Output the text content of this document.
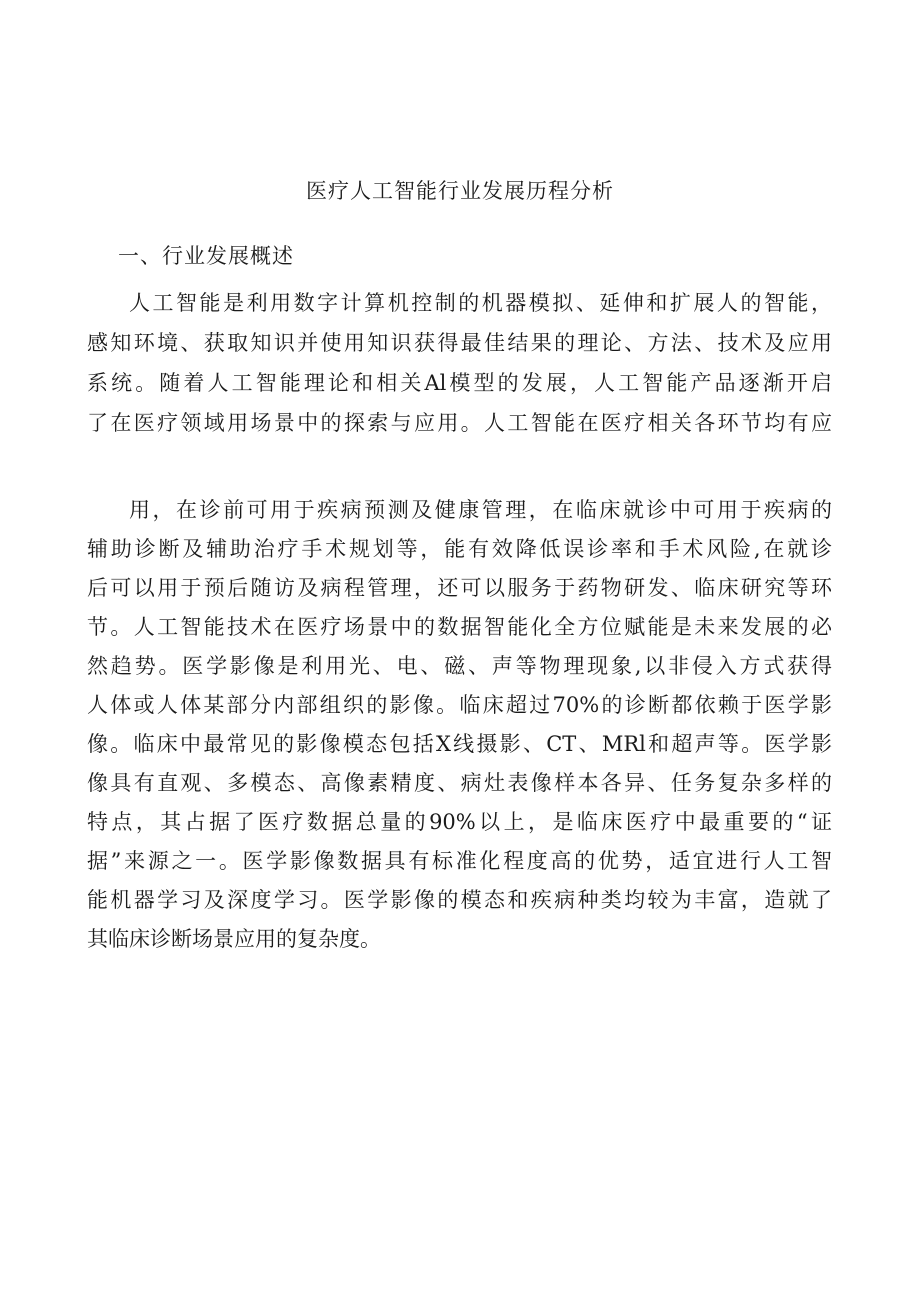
医疗人工智能行业发展历程分析
一、行业发展概述
人工智能是利用数字计算机控制的机器模拟、延伸和扩展人的智能，
感知环境、获取知识并使用知识获得最佳结果的理论、方法、技术及应用
系统。随着人工智能理论和相关Al模型的发展，人工智能产品逐渐开启
了在医疗领域用场景中的探索与应用。人工智能在医疗相关各环节均有应
用，在诊前可用于疾病预测及健康管理，在临床就诊中可用于疾病的
辅助诊断及辅助治疗手术规划等，能有效降低误诊率和手术风险,在就诊
后可以用于预后随访及病程管理，还可以服务于药物研发、临床研究等环
节。人工智能技术在医疗场景中的数据智能化全方位赋能是未来发展的必
然趋势。医学影像是利用光、电、磁、声等物理现象,以非侵入方式获得
人体或人体某部分内部组织的影像。临床超过70%的诊断都依赖于医学影
像。临床中最常见的影像模态包括X线摄影、CT、MRl和超声等。医学影
像具有直观、多模态、高像素精度、病灶表像样本各异、任务复杂多样的
特点，其占据了医疗数据总量的90%以上，是临床医疗中最重要的“证
据”来源之一。医学影像数据具有标准化程度高的优势，适宜进行人工智
能机器学习及深度学习。医学影像的模态和疾病种类均较为丰富，造就了
其临床诊断场景应用的复杂度。
